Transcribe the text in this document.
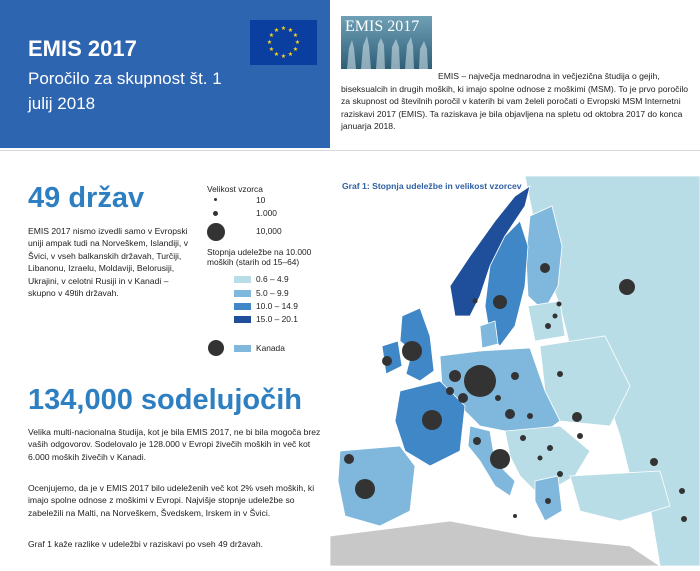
EMIS 2017
Poročilo za skupnost št. 1
julij 2018
★ ★
★
★
★
★
★
★
★
★
★
★	EMIS 2017
EMIS – največja mednarodna in večjezična študija o gejih, biseksualcih in drugih moških, ki imajo spolne odnose z moškimi (MSM). To je prvo poročilo za skupnost od številnih poročil v katerih bi vam želeli poročati o Evropski MSM Internetni raziskavi 2017 (EMIS). Ta raziskava je bila objavljena na spletu od oktobra 2017 do konca januarja 2018.
49 držav
EMIS 2017 nismo izvedli samo v Evropski uniji ampak tudi na Norveškem, Islandiji, v Švici, v vseh balkanskih državah, Turčiji, Libanonu, Izraelu, Moldaviji, Belorusiji, Ukrajini, v celotni Rusiji in v Kanadi – skupno v 49tih državah.
Velikost vzorca
10
1.000
10,000
Stopnja udeležbe na 10.000 moških (starih od 15–64)
0.6 – 4.9
5.0 – 9.9
10.0 – 14.9
15.0 – 20.1
Kanada
134,000 sodelujočih
Velika multi-nacionalna študija, kot je bila EMIS 2017, ne bi bila mogoča brez vaših odgovorov. Sodelovalo je 128.000 v Evropi živečih moških in več kot 6.000 moških živečih v Kanadi.
Ocenjujemo, da je v EMIS 2017 bilo udeleženih več kot 2% vseh moških, ki imajo spolne odnose z moškimi v Evropi. Najvišje stopnje udeležbe so zabeležili na Malti, na Norveškem, Švedskem, Irskem in v Švici.
Graf 1 kaže razlike v udeležbi v raziskavi po vseh 49 državah.
Graf 1: Stopnja udeležbe in velikost vzorcev
